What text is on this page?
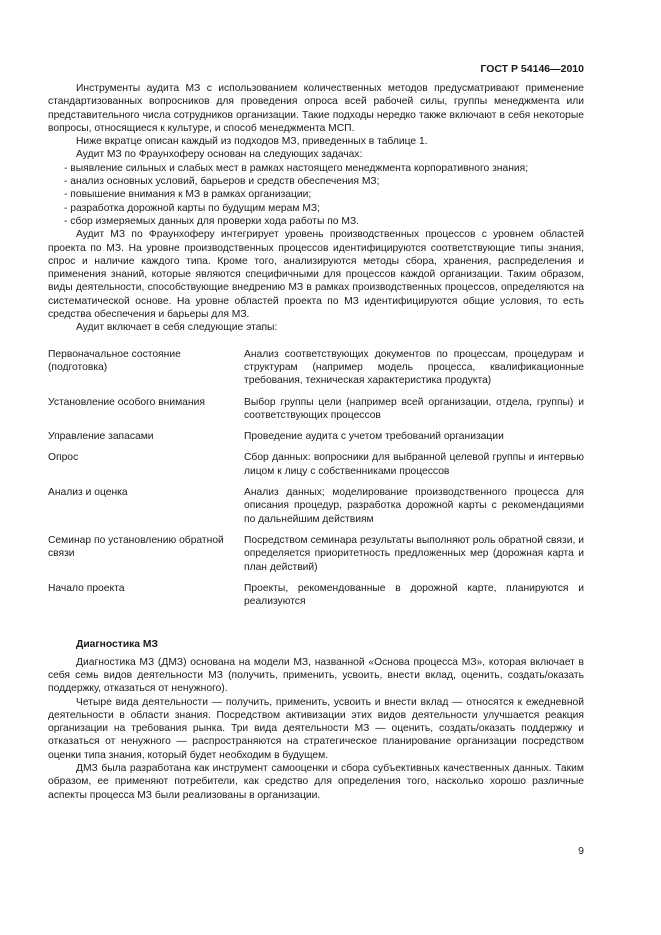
ГОСТ Р 54146—2010

Инструменты аудита МЗ с использованием количественных методов предусматривают применение стандартизованных вопросников для проведения опроса всей рабочей силы, группы менеджмента или представительного числа сотрудников организации. Такие подходы нередко также включают в себя некоторые вопросы, относящиеся к культуре, и способ менеджмента МСП.

Ниже вкратце описан каждый из подходов МЗ, приведенных в таблице 1.

Аудит МЗ по Фраунхоферу основан на следующих задачах:

- выявление сильных и слабых мест в рамках настоящего менеджмента корпоративного знания;

- анализ основных условий, барьеров и средств обеспечения МЗ;

- повышение внимания к МЗ в рамках организации;

- разработка дорожной карты по будущим мерам МЗ;

- сбор измеряемых данных для проверки хода работы по МЗ.

Аудит МЗ по Фраунхоферу интегрирует уровень производственных процессов с уровнем областей проекта по МЗ. На уровне производственных процессов идентифицируются соответствующие типы знания, спрос и наличие каждого типа. Кроме того, анализируются методы сбора, хранения, распределения и применения знаний, которые являются специфичными для процессов каждой организации. Таким образом, виды деятельности, способствующие внедрению МЗ в рамках производственных процессов, определяются на систематической основе. На уровне областей проекта по МЗ идентифицируются общие условия, то есть средства обеспечения и барьеры для МЗ.

Аудит включает в себя следующие этапы:

Первоначальное состояние (подготовка)	Анализ соответствующих документов по процессам, процедурам и структурам (например модель процесса, квалификационные требования, техническая характеристика продукта)
Установление особого внимания	Выбор группы цели (например всей организации, отдела, группы) и соответствующих процессов
Управление запасами	Проведение аудита с учетом требований организации
Опрос	Сбор данных: вопросники для выбранной целевой группы и интервью лицом к лицу с собственниками процессов
Анализ и оценка	Анализ данных; моделирование производственного процесса для описания процедур, разработка дорожной карты с рекомендациями по дальнейшим действиям
Семинар по установлению обратной связи	Посредством семинара результаты выполняют роль обратной связи, и определяется приоритетность предложенных мер (дорожная карта и план действий)
Начало проекта	Проекты, рекомендованные в дорожной карте, планируются и реализуются

Диагностика МЗ

Диагностика МЗ (ДМЗ) основана на модели МЗ, названной «Основа процесса МЗ», которая включает в себя семь видов деятельности МЗ (получить, применить, усвоить, внести вклад, оценить, создать/оказать поддержку, отказаться от ненужного).

Четыре вида деятельности — получить, применить, усвоить и внести вклад — относятся к ежедневной деятельности в области знания. Посредством активизации этих видов деятельности улучшается реакция организации на требования рынка. Три вида деятельности МЗ — оценить, создать/оказать поддержку и отказаться от ненужного — распространяются на стратегическое планирование организации посредством оценки типа знания, который будет необходим в будущем.

ДМЗ была разработана как инструмент самооценки и сбора субъективных качественных данных. Таким образом, ее применяют потребители, как средство для определения того, насколько хорошо различные аспекты процесса МЗ были реализованы в организации.

9
